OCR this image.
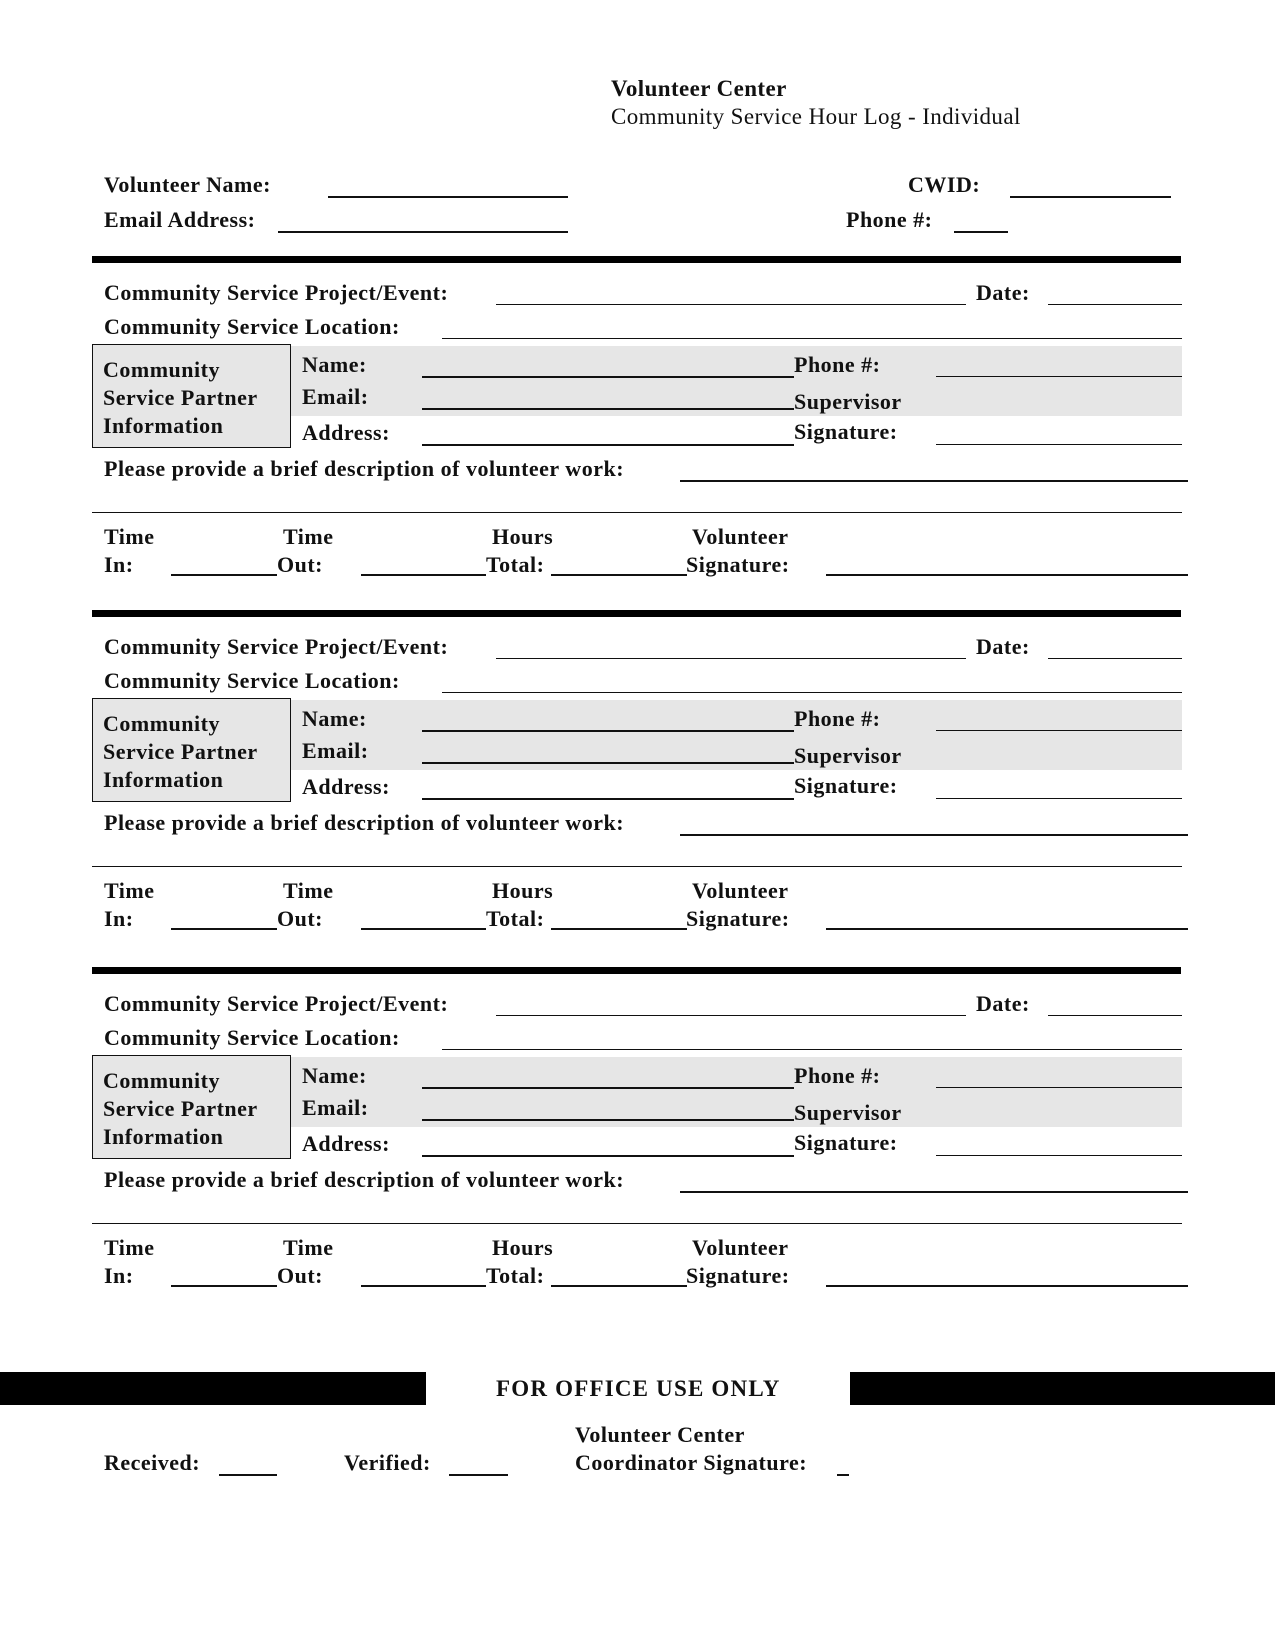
Volunteer Center
Community Service Hour Log - Individual
Volunteer Name:
Email Address:
CWID:
Phone #:
Community Service Project/Event:	Date:
Community Service Location:
Community
Service Partner
Information
Name:
Email:
Address:
Phone #:
Supervisor
Signature:
Please provide a brief description of volunteer work:
Time
In:
Time
Out:
Hours
Total:
Volunteer
Signature:
Community Service Project/Event:	Date:
Community Service Location:
Community
Service Partner
Information
Name:
Email:
Address:
Phone #:
Supervisor
Signature:
Please provide a brief description of volunteer work:
Time
In:
Time
Out:
Hours
Total:
Volunteer
Signature:
Community Service Project/Event:	Date:
Community Service Location:
Community
Service Partner
Information
Name:
Email:
Address:
Phone #:
Supervisor
Signature:
Please provide a brief description of volunteer work:
Time
In:
Time
Out:
Hours
Total:
Volunteer
Signature:
FOR OFFICE USE ONLY
Received:	Verified:
Volunteer Center
Coordinator Signature:
